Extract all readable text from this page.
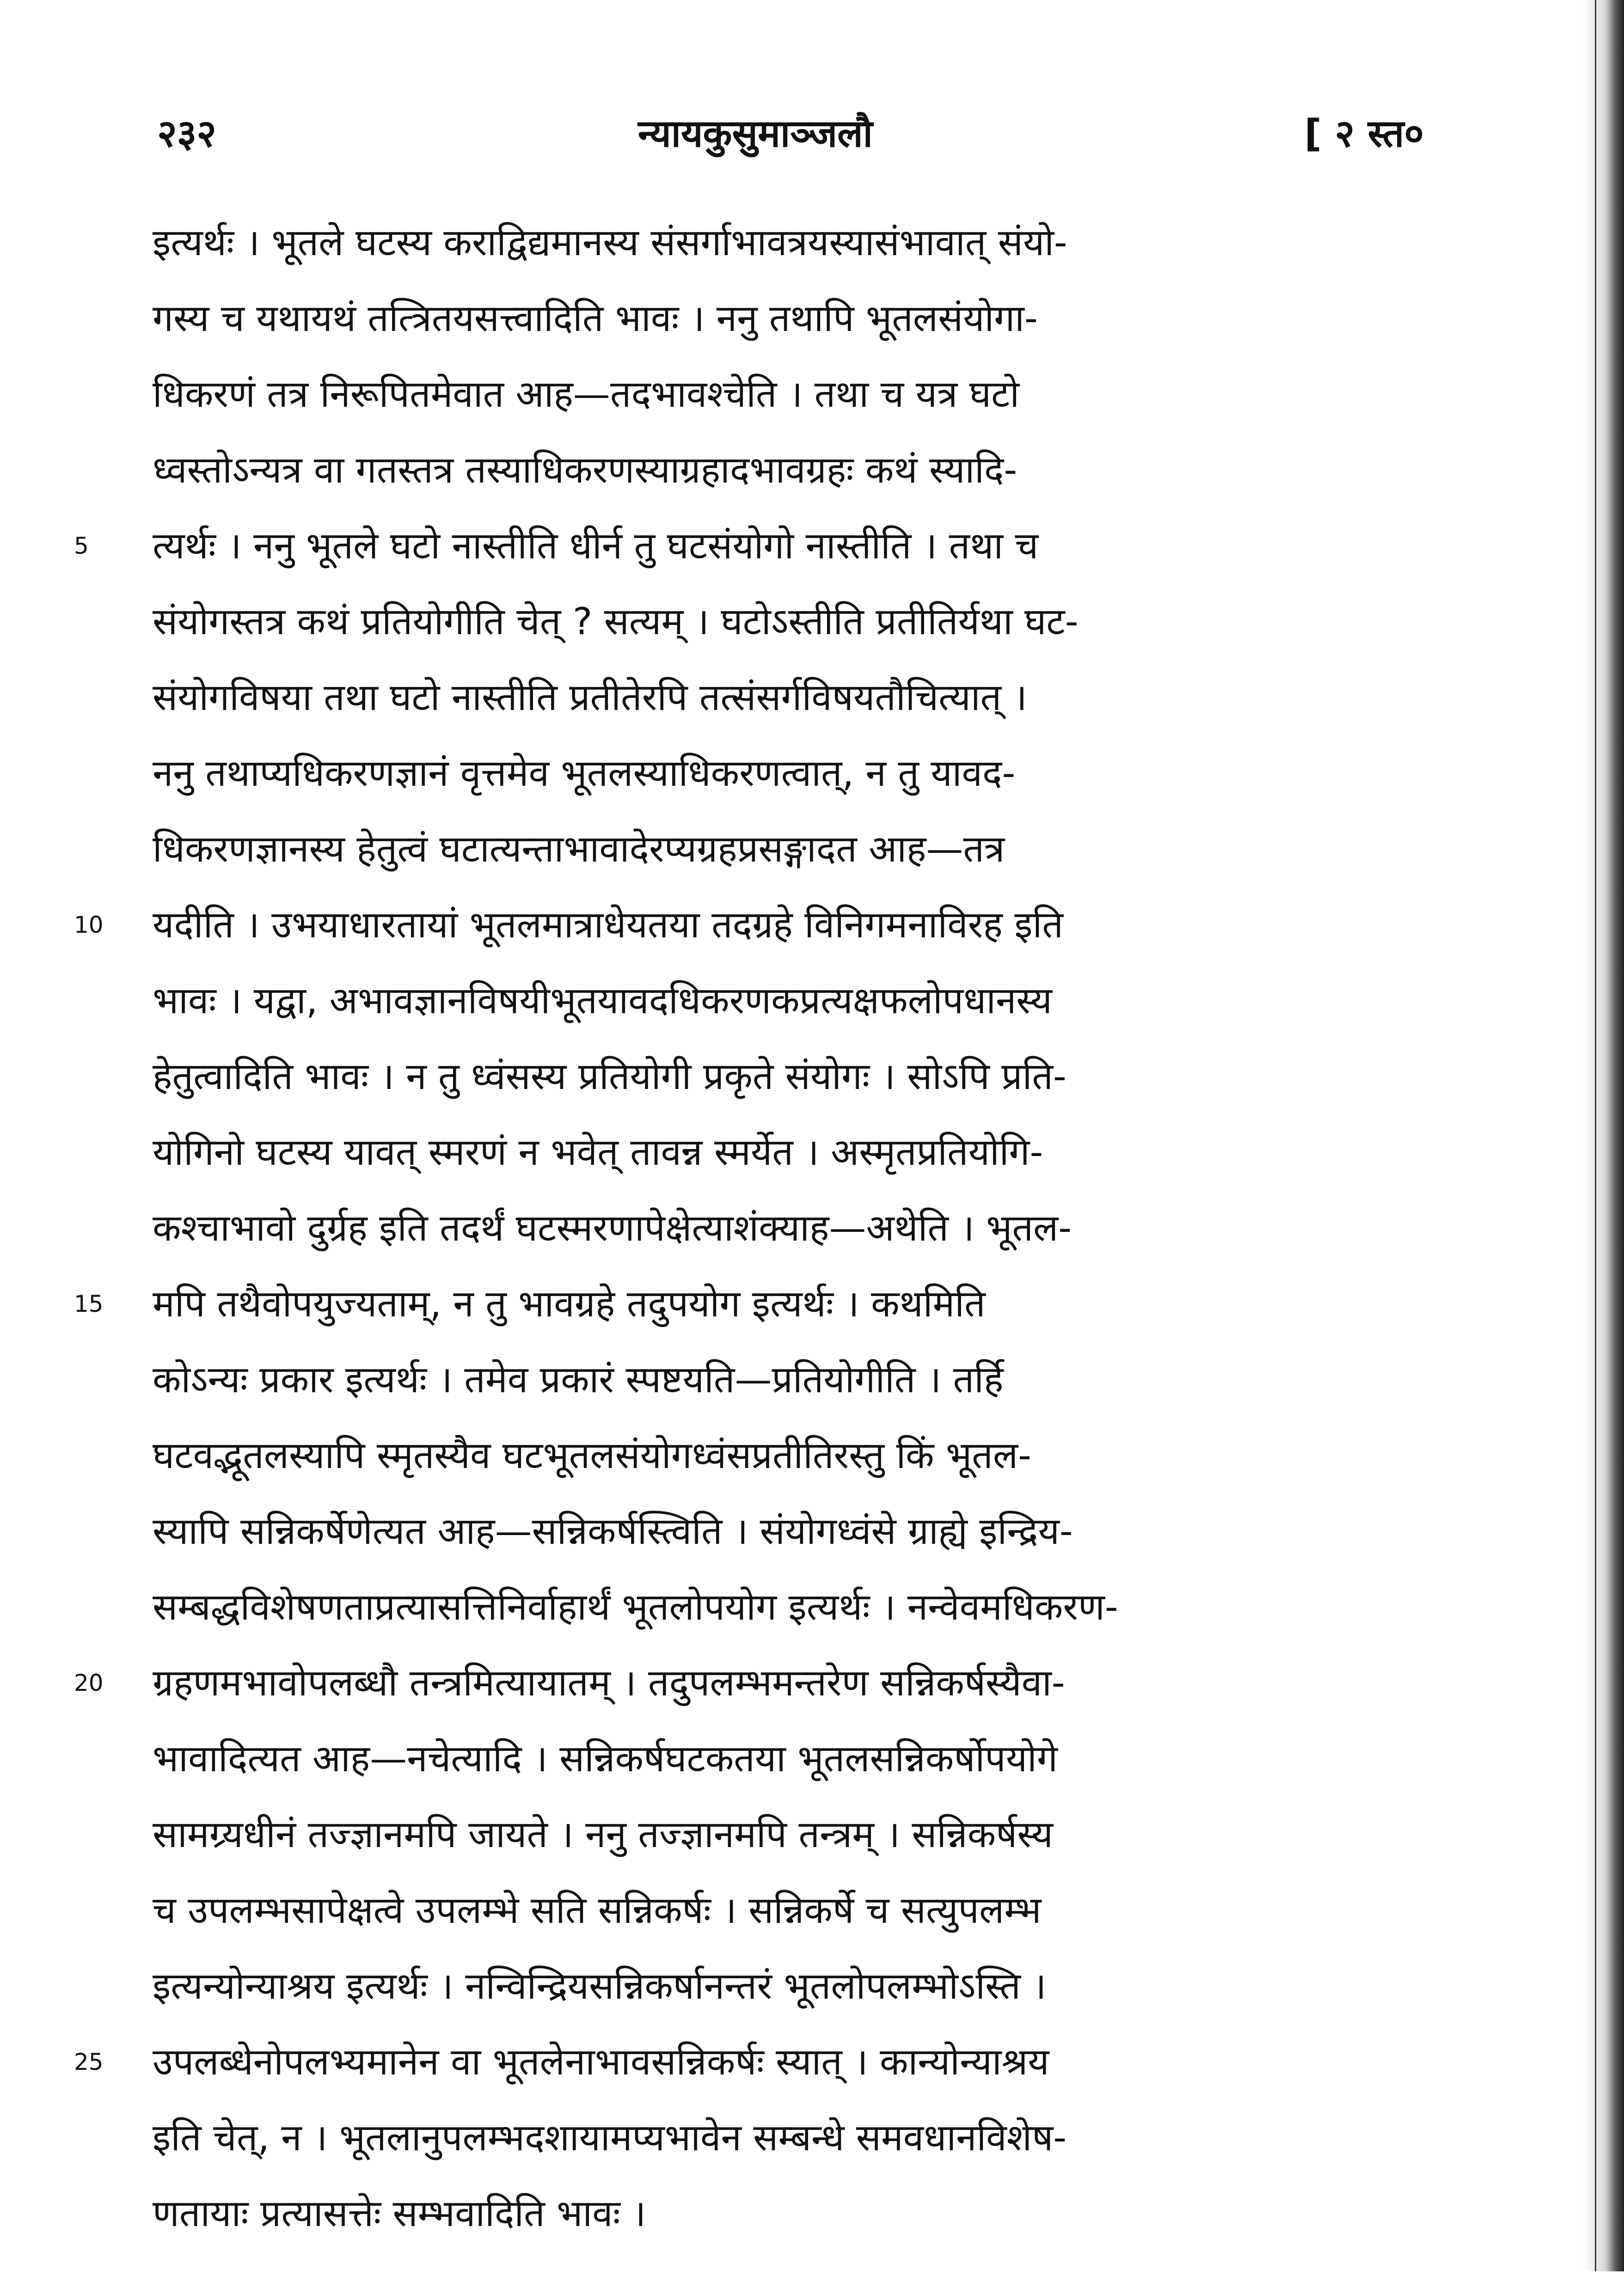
२३२	न्यायकुसुमाञ्जलौ	[ २ स्त०
इत्यर्थः । भूतले घटस्य कराद्विद्यमानस्य संसर्गाभावत्रयस्यासंभावात् संयो-
गस्य च यथायथं तत्त्रितयसत्त्वादिति भावः । ननु तथापि भूतलसंयोगा-
धिकरणं तत्र निरूपितमेवात आह—तदभावश्चेति । तथा च यत्र घटो
ध्वस्तोऽन्यत्र वा गतस्तत्र तस्याधिकरणस्याग्रहादभावग्रहः कथं स्यादि-
5	त्यर्थः । ननु भूतले घटो नास्तीति धीर्न तु घटसंयोगो नास्तीति । तथा च
संयोगस्तत्र कथं प्रतियोगीति चेत् ? सत्यम् । घटोऽस्तीति प्रतीतिर्यथा घट-
संयोगविषया तथा घटो नास्तीति प्रतीतेरपि तत्संसर्गविषयतौचित्यात् ।
ननु तथाप्यधिकरणज्ञानं वृत्तमेव भूतलस्याधिकरणत्वात्, न तु यावद-
धिकरणज्ञानस्य हेतुत्वं घटात्यन्ताभावादेरप्यग्रहप्रसङ्गादत आह—तत्र
10	यदीति । उभयाधारतायां भूतलमात्राधेयतया तदग्रहे विनिगमनाविरह इति
भावः । यद्वा, अभावज्ञानविषयीभूतयावदधिकरणकप्रत्यक्षफलोपधानस्य
हेतुत्वादिति भावः । न तु ध्वंसस्य प्रतियोगी प्रकृते संयोगः । सोऽपि प्रति-
योगिनो घटस्य यावत् स्मरणं न भवेत् तावन्न स्मर्येत । अस्मृतप्रतियोगि-
कश्चाभावो दुर्ग्रह इति तदर्थं घटस्मरणापेक्षेत्याशंक्याह—अथेति । भूतल-
15	मपि तथैवोपयुज्यताम्, न तु भावग्रहे तदुपयोग इत्यर्थः । कथमिति
कोऽन्यः प्रकार इत्यर्थः । तमेव प्रकारं स्पष्टयति—प्रतियोगीति । तर्हि
घटवद्भूतलस्यापि स्मृतस्यैव घटभूतलसंयोगध्वंसप्रतीतिरस्तु किं भूतल-
स्यापि सन्निकर्षेणेत्यत आह—सन्निकर्षस्त्विति । संयोगध्वंसे ग्राह्ये इन्द्रिय-
सम्बद्धविशेषणताप्रत्यासत्तिनिर्वाहार्थं भूतलोपयोग इत्यर्थः । नन्वेवमधिकरण-
20	ग्रहणमभावोपलब्धौ तन्त्रमित्यायातम् । तदुपलम्भमन्तरेण सन्निकर्षस्यैवा-
भावादित्यत आह—नचेत्यादि । सन्निकर्षघटकतया भूतलसन्निकर्षोपयोगे
सामग्र्यधीनं तज्ज्ञानमपि जायते । ननु तज्ज्ञानमपि तन्त्रम् । सन्निकर्षस्य
च उपलम्भसापेक्षत्वे उपलम्भे सति सन्निकर्षः । सन्निकर्षे च सत्युपलम्भ
इत्यन्योन्याश्रय इत्यर्थः । नन्विन्द्रियसन्निकर्षानन्तरं भूतलोपलम्भोऽस्ति ।
25	उपलब्धेनोपलभ्यमानेन वा भूतलेनाभावसन्निकर्षः स्यात् । कान्योन्याश्रय
इति चेत्, न । भूतलानुपलम्भदशायामप्यभावेन सम्बन्धे समवधानविशेष-
णतायाः प्रत्यासत्तेः सम्भवादिति भावः ।
